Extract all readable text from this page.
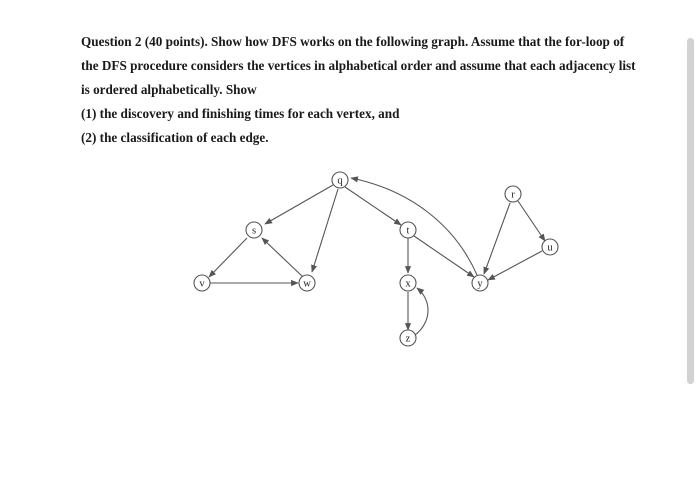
Question 2 (40 points). Show how DFS works on the following graph. Assume that the for-loop of
the DFS procedure considers the vertices in alphabetical order and assume that each adjacency list
is ordered alphabetically. Show
(1) the discovery and finishing times for each vertex, and
(2) the classification of each edge.
q
r
s	t
u
v	w	x	y
z
